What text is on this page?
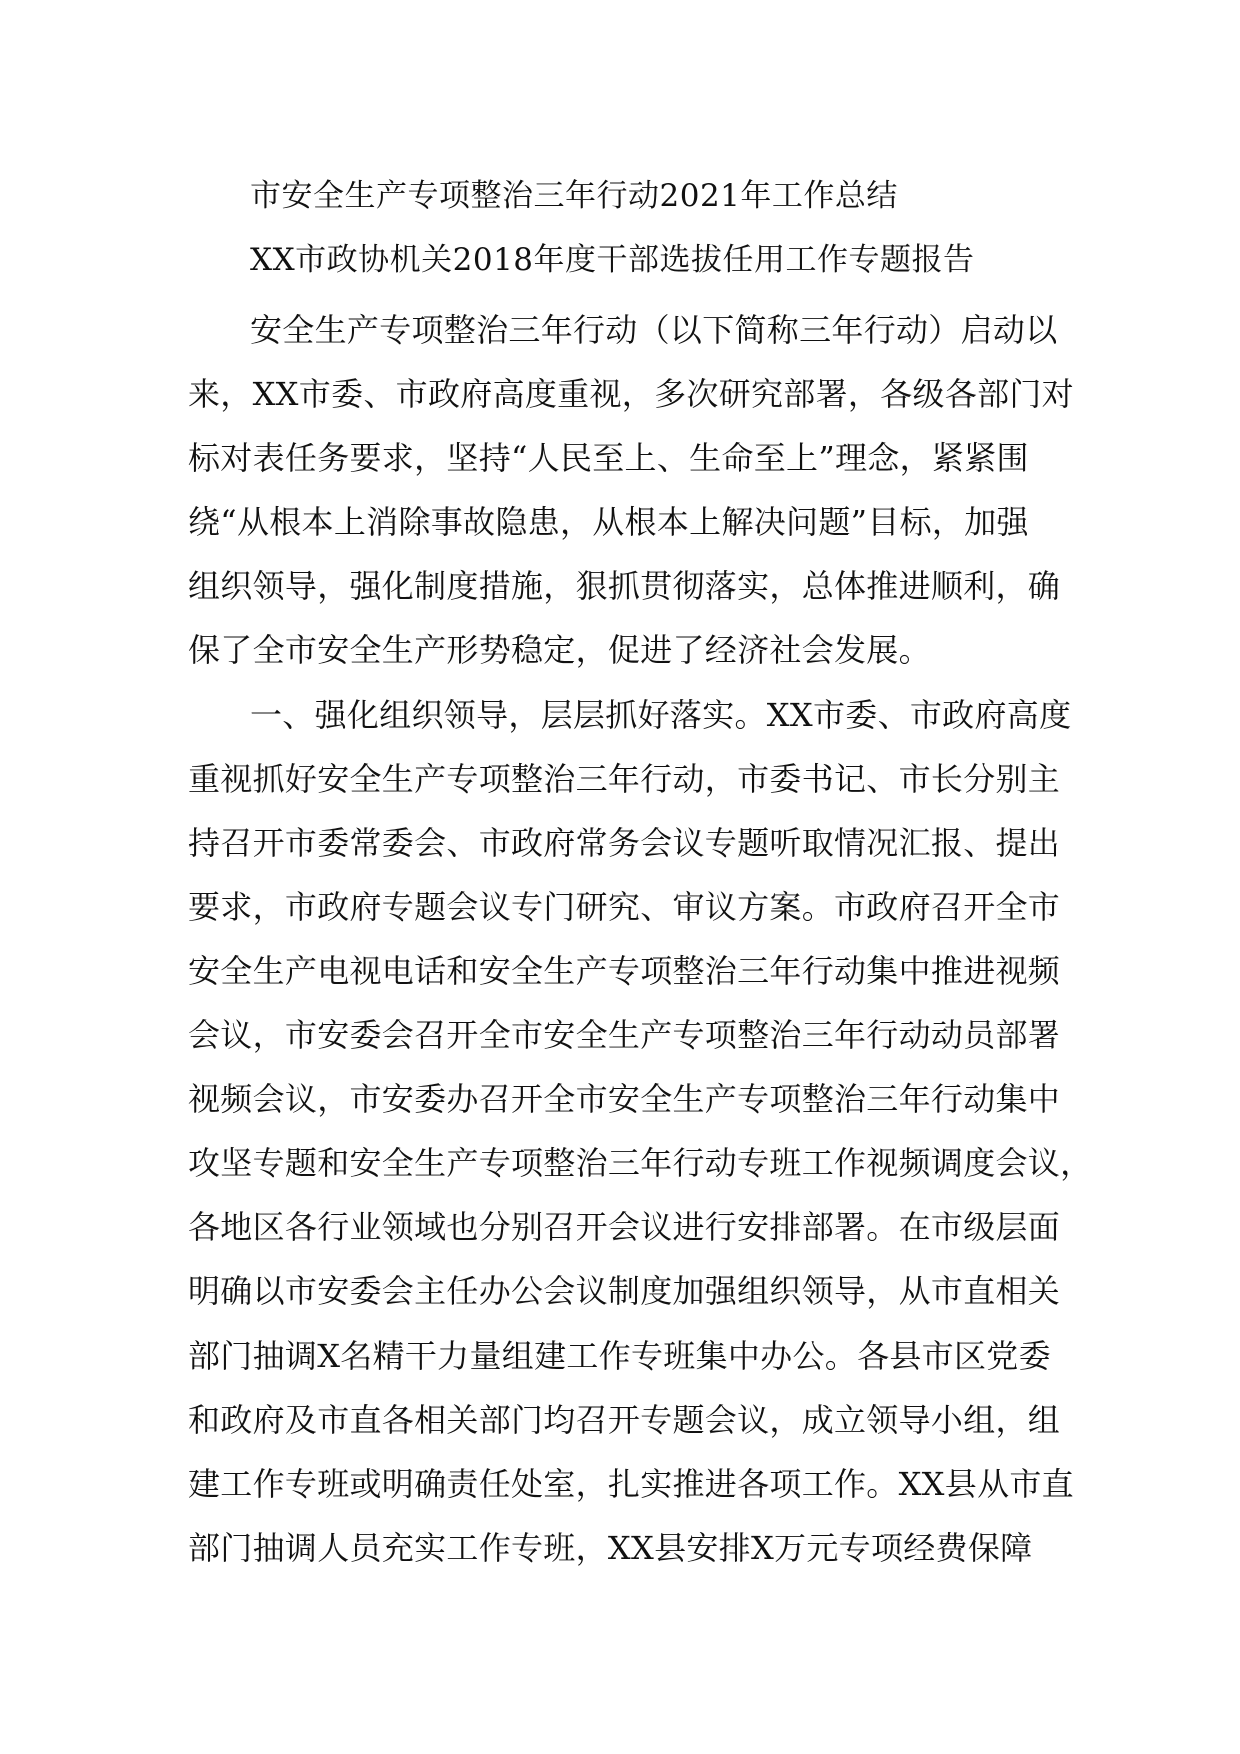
市安全生产专项整治三年行动2021年工作总结
XX市政协机关2018年度干部选拔任用工作专题报告
安全生产专项整治三年行动（以下简称三年行动）启动以
来，XX市委、市政府高度重视，多次研究部署，各级各部门对
标对表任务要求，坚持“人民至上、生命至上”理念，紧紧围
绕“从根本上消除事故隐患，从根本上解决问题”目标，加强
组织领导，强化制度措施，狠抓贯彻落实，总体推进顺利，确
保了全市安全生产形势稳定，促进了经济社会发展。
一、强化组织领导，层层抓好落实。XX市委、市政府高度
重视抓好安全生产专项整治三年行动，市委书记、市长分别主
持召开市委常委会、市政府常务会议专题听取情况汇报、提出
要求，市政府专题会议专门研究、审议方案。市政府召开全市
安全生产电视电话和安全生产专项整治三年行动集中推进视频
会议，市安委会召开全市安全生产专项整治三年行动动员部署
视频会议，市安委办召开全市安全生产专项整治三年行动集中
攻坚专题和安全生产专项整治三年行动专班工作视频调度会议，
各地区各行业领域也分别召开会议进行安排部署。在市级层面
明确以市安委会主任办公会议制度加强组织领导，从市直相关
部门抽调X名精干力量组建工作专班集中办公。各县市区党委
和政府及市直各相关部门均召开专题会议，成立领导小组，组
建工作专班或明确责任处室，扎实推进各项工作。XX县从市直
部门抽调人员充实工作专班，XX县安排X万元专项经费保障
